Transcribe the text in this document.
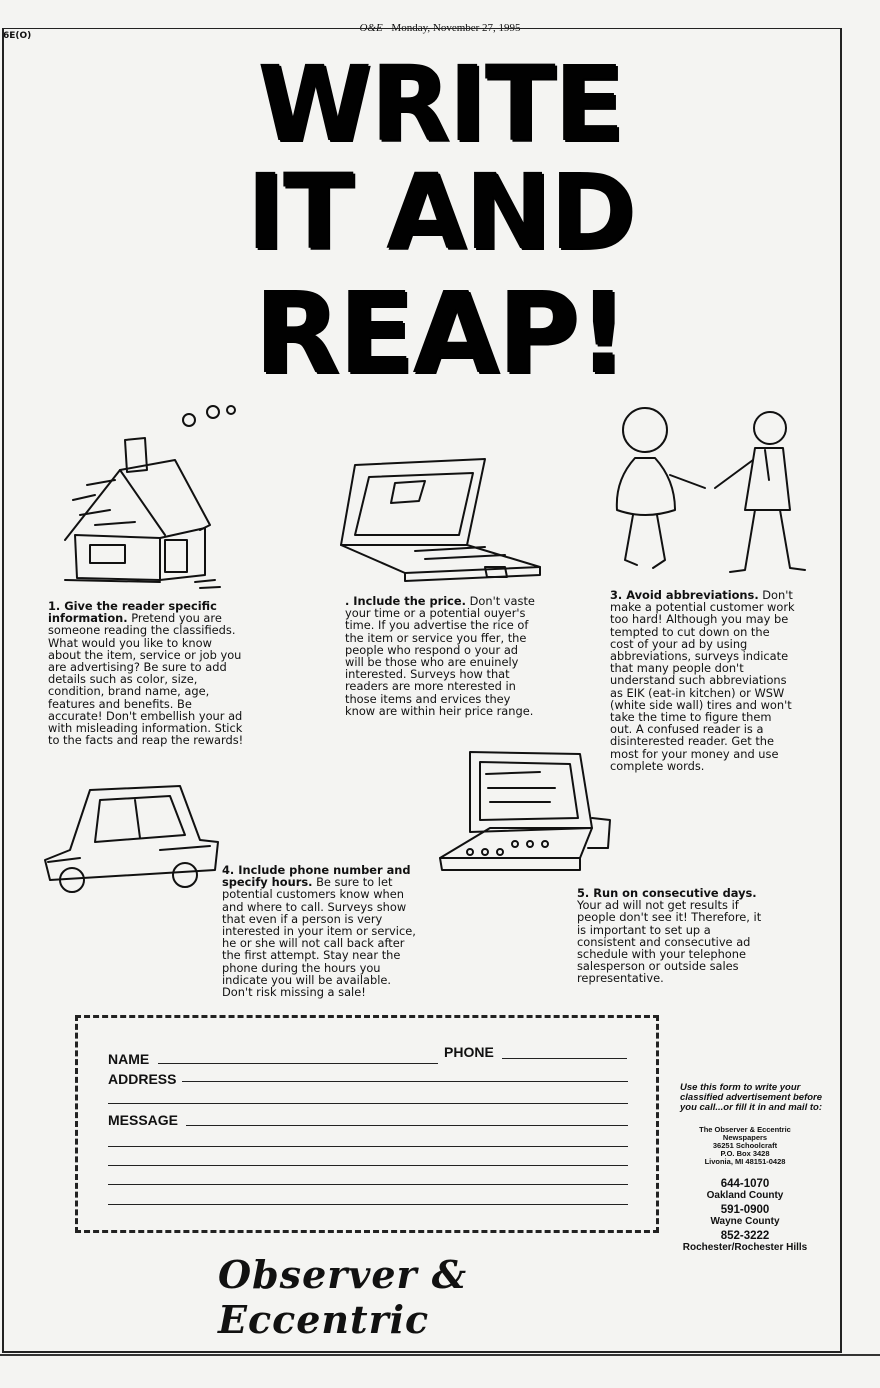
6E(O)
O&E Monday, November 27, 1995
WRITE
IT AND
REAP!
1. Give the reader specific information. Pretend you are someone reading the classifieds. What would you like to know about the item, service or job you are advertising? Be sure to add details such as color, size, condition, brand name, age, features and benefits. Be accurate! Don't embellish your ad with misleading information. Stick to the facts and reap the rewards!
. Include the price. Don't vaste your time or a potential ouyer's time. If you advertise the rice of the item or service you ffer, the people who respond o your ad will be those who are enuinely interested. Surveys how that readers are more nterested in those items and ervices they know are within heir price range.
3. Avoid abbreviations. Don't make a potential customer work too hard! Although you may be tempted to cut down on the cost of your ad by using abbreviations, surveys indicate that many people don't understand such abbreviations as EIK (eat-in kitchen) or WSW (white side wall) tires and won't take the time to figure them out. A confused reader is a disinterested reader. Get the most for your money and use complete words.
4. Include phone number and specify hours. Be sure to let potential customers know when and where to call. Surveys show that even if a person is very interested in your item or service, he or she will not call back after the first attempt. Stay near the phone during the hours you indicate you will be available. Don't risk missing a sale!
5. Run on consecutive days. Your ad will not get results if people don't see it! Therefore, it is important to set up a consistent and consecutive ad schedule with your telephone salesperson or outside sales representative.
NAME	PHONE
ADDRESS
MESSAGE
Use this form to write your classified advertisement before you call...or fill it in and mail to:
The Observer & Eccentric
Newspapers
36251 Schoolcraft
P.O. Box 3428
Livonia, MI 48151-0428
644-1070
Oakland County
591-0900
Wayne County
852-3222
Rochester/Rochester Hills
Observer & Eccentric
